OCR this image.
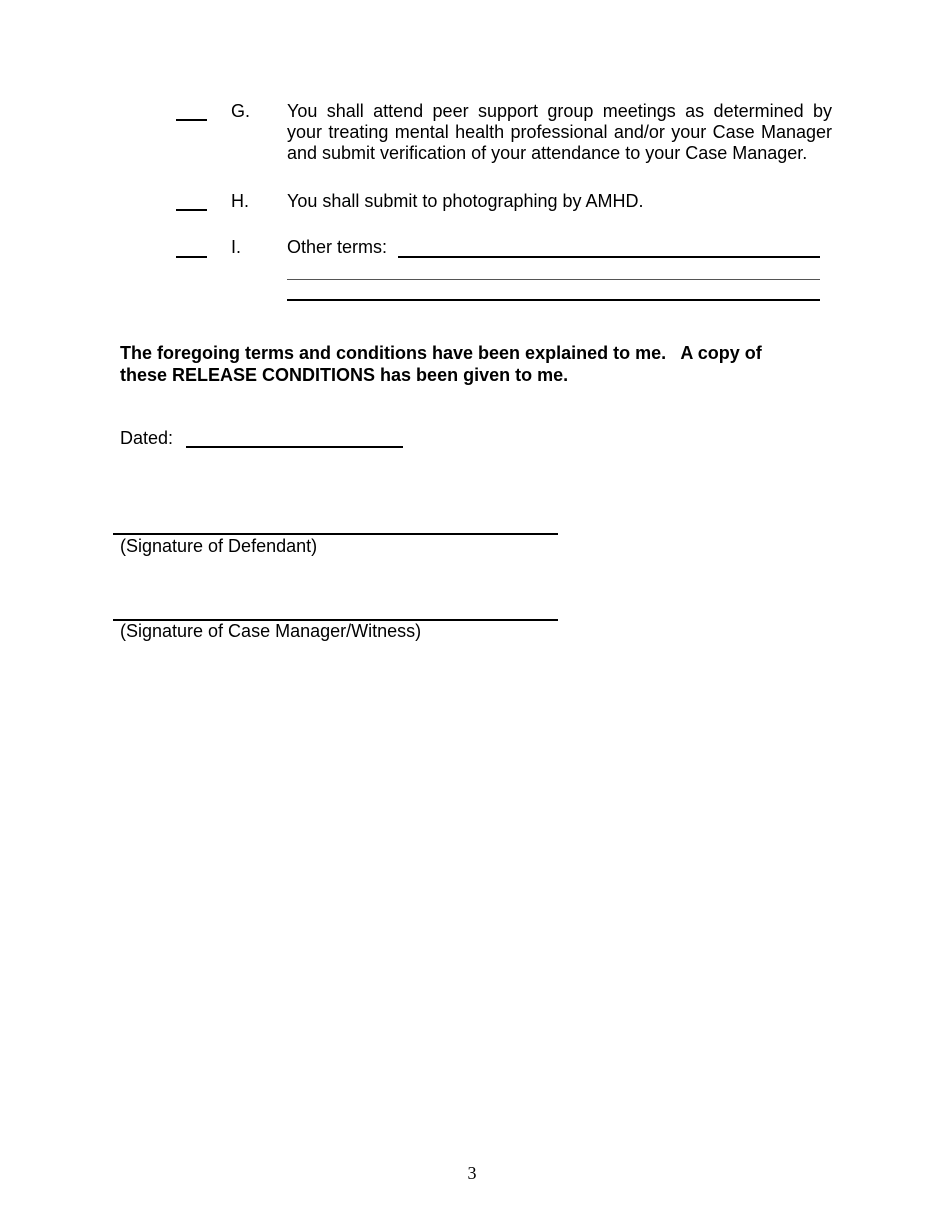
G. You shall attend peer support group meetings as determined by
your treating mental health professional and/or your Case Manager
and submit verification of your attendance to your Case Manager.
H. You shall submit to photographing by AMHD.
I.	Other terms:
The foregoing terms and conditions have been explained to me.   A copy of
these RELEASE CONDITIONS has been given to me.
Dated:
(Signature of Defendant)
(Signature of Case Manager/Witness)
3
